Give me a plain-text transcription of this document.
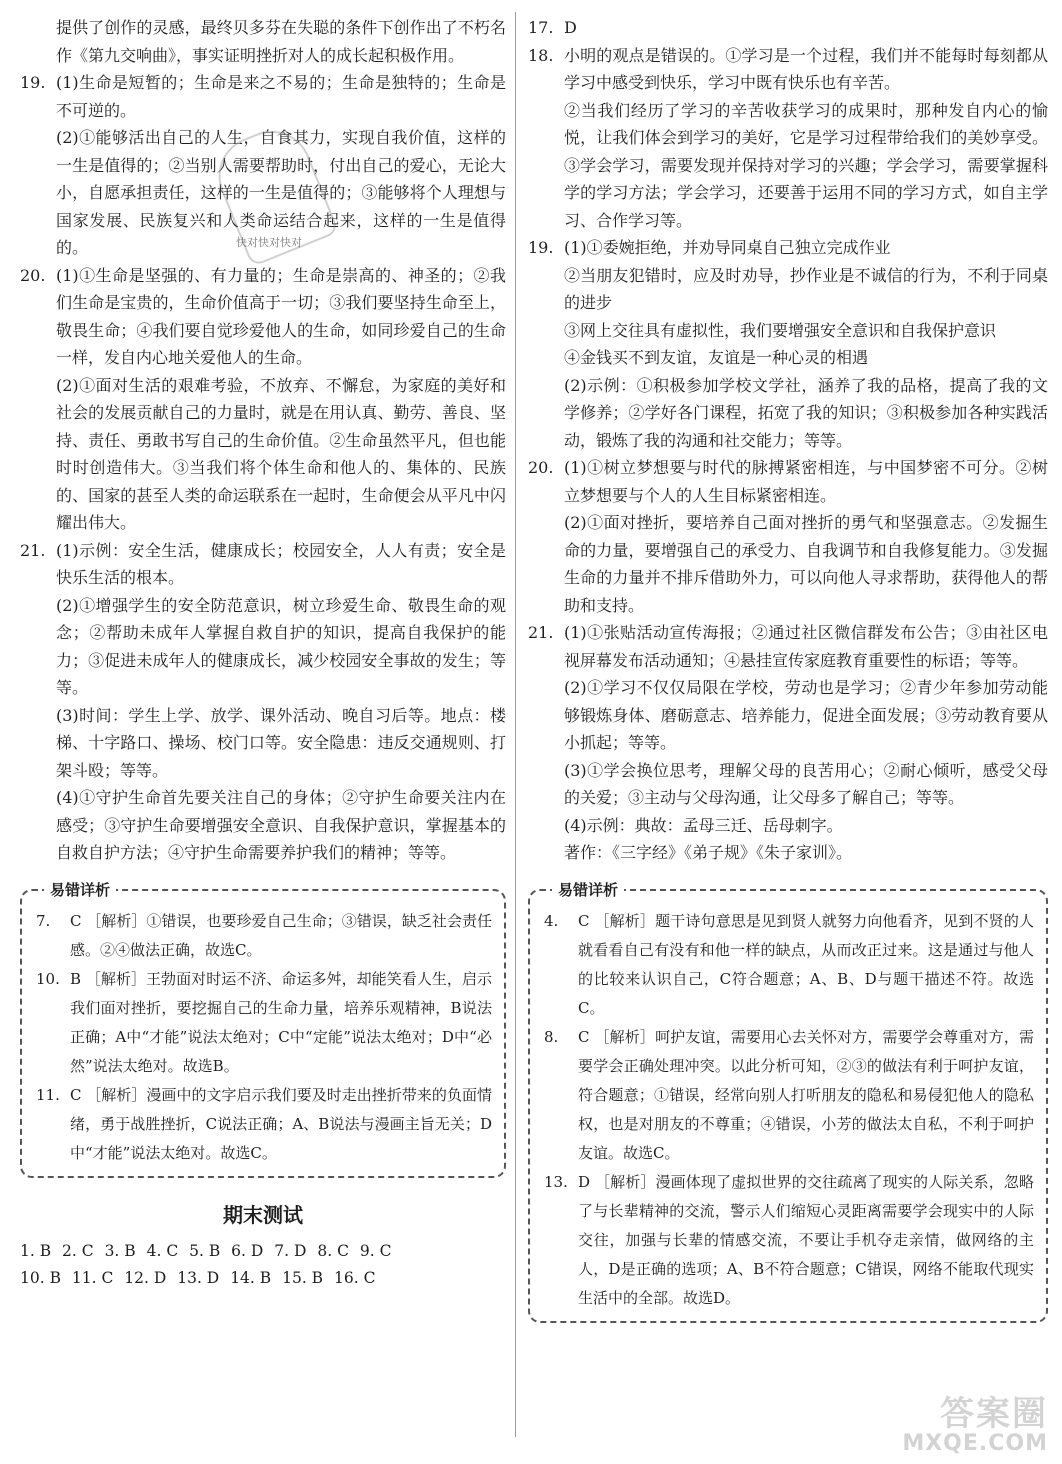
提供了创作的灵感，最终贝多芬在失聪的条件下创作出了不朽名作《第九交响曲》，事实证明挫折对人的成长起积极作用。

19. (1)生命是短暂的；生命是来之不易的；生命是独特的；生命是不可逆的。

(2)①能够活出自己的人生，自食其力，实现自我价值，这样的一生是值得的；②当别人需要帮助时，付出自己的爱心，无论大小，自愿承担责任，这样的一生是值得的；③能够将个人理想与国家发展、民族复兴和人类命运结合起来，这样的一生是值得的。

20. (1)①生命是坚强的、有力量的；生命是崇高的、神圣的；②我们生命是宝贵的，生命价值高于一切；③我们要坚持生命至上，敬畏生命；④我们要自觉珍爱他人的生命，如同珍爱自己的生命一样，发自内心地关爱他人的生命。

(2)①面对生活的艰难考验，不放弃、不懈怠，为家庭的美好和社会的发展贡献自己的力量时，就是在用认真、勤劳、善良、坚持、责任、勇敢书写自己的生命价值。②生命虽然平凡，但也能时时创造伟大。③当我们将个体生命和他人的、集体的、民族的、国家的甚至人类的命运联系在一起时，生命便会从平凡中闪耀出伟大。

21. (1)示例：安全生活，健康成长；校园安全，人人有责；安全是快乐生活的根本。

(2)①增强学生的安全防范意识，树立珍爱生命、敬畏生命的观念；②帮助未成年人掌握自救自护的知识，提高自我保护的能力；③促进未成年人的健康成长，减少校园安全事故的发生；等等。

(3)时间：学生上学、放学、课外活动、晚自习后等。地点：楼梯、十字路口、操场、校门口等。安全隐患：违反交通规则、打架斗殴；等等。

(4)①守护生命首先要关注自己的身体；②守护生命要关注内在感受；③守护生命要增强安全意识、自我保护意识，掌握基本的自救自护方法；④守护生命需要养护我们的精神；等等。

易错详析
7. C ［解析］①错误，也要珍爱自己生命；③错误，缺乏社会责任感。②④做法正确，故选C。

10. B ［解析］王勃面对时运不济、命运多舛，却能笑看人生，启示我们面对挫折，要挖掘自己的生命力量，培养乐观精神，B说法正确；A中“才能”说法太绝对；C中“定能”说法太绝对；D中“必然”说法太绝对。故选B。

11. C ［解析］漫画中的文字启示我们要及时走出挫折带来的负面情绪，勇于战胜挫折，C说法正确；A、B说法与漫画主旨无关；D中“才能”说法太绝对。故选C。

期末测试
1. B 2. C 3. B 4. C 5. B 6. D 7. D 8. C 9. C
10. B 11. C 12. D 13. D 14. B 15. B 16. C
快对快对快对
17. D

18. 小明的观点是错误的。①学习是一个过程，我们并不能每时每刻都从学习中感受到快乐，学习中既有快乐也有辛苦。

②当我们经历了学习的辛苦收获学习的成果时，那种发自内心的愉悦，让我们体会到学习的美好，它是学习过程带给我们的美妙享受。③学会学习，需要发现并保持对学习的兴趣；学会学习，需要掌握科学的学习方法；学会学习，还要善于运用不同的学习方式，如自主学习、合作学习等。

19. (1)①委婉拒绝，并劝导同桌自己独立完成作业

②当朋友犯错时，应及时劝导，抄作业是不诚信的行为，不利于同桌的进步

③网上交往具有虚拟性，我们要增强安全意识和自我保护意识

④金钱买不到友谊，友谊是一种心灵的相遇

(2)示例：①积极参加学校文学社，涵养了我的品格，提高了我的文学修养；②学好各门课程，拓宽了我的知识；③积极参加各种实践活动，锻炼了我的沟通和社交能力；等等。

20. (1)①树立梦想要与时代的脉搏紧密相连，与中国梦密不可分。②树立梦想要与个人的人生目标紧密相连。

(2)①面对挫折，要培养自己面对挫折的勇气和坚强意志。②发掘生命的力量，要增强自己的承受力、自我调节和自我修复能力。③发掘生命的力量并不排斥借助外力，可以向他人寻求帮助，获得他人的帮助和支持。

21. (1)①张贴活动宣传海报；②通过社区微信群发布公告；③由社区电视屏幕发布活动通知；④悬挂宣传家庭教育重要性的标语；等等。

(2)①学习不仅仅局限在学校，劳动也是学习；②青少年参加劳动能够锻炼身体、磨砺意志、培养能力，促进全面发展；③劳动教育要从小抓起；等等。

(3)①学会换位思考，理解父母的良苦用心；②耐心倾听，感受父母的关爱；③主动与父母沟通，让父母多了解自己；等等。

(4)示例：典故：孟母三迁、岳母刺字。

著作：《三字经》《弟子规》《朱子家训》。

易错详析
4. C ［解析］题干诗句意思是见到贤人就努力向他看齐，见到不贤的人就看看自己有没有和他一样的缺点，从而改正过来。这是通过与他人的比较来认识自己，C符合题意；A、B、D与题干描述不符。故选C。

8. C ［解析］呵护友谊，需要用心去关怀对方，需要学会尊重对方，需要学会正确处理冲突。以此分析可知，②③的做法有利于呵护友谊，符合题意；①错误，经常向别人打听朋友的隐私和易侵犯他人的隐私权，也是对朋友的不尊重；④错误，小芳的做法太自私，不利于呵护友谊。故选C。

13. D ［解析］漫画体现了虚拟世界的交往疏离了现实的人际关系，忽略了与长辈精神的交流，警示人们缩短心灵距离需要学会现实中的人际交往，加强与长辈的情感交流，不要让手机夺走亲情，做网络的主人，D是正确的选项；A、B不符合题意；C错误，网络不能取代现实生活中的全部。故选D。

答案圈
MXQE.COM
